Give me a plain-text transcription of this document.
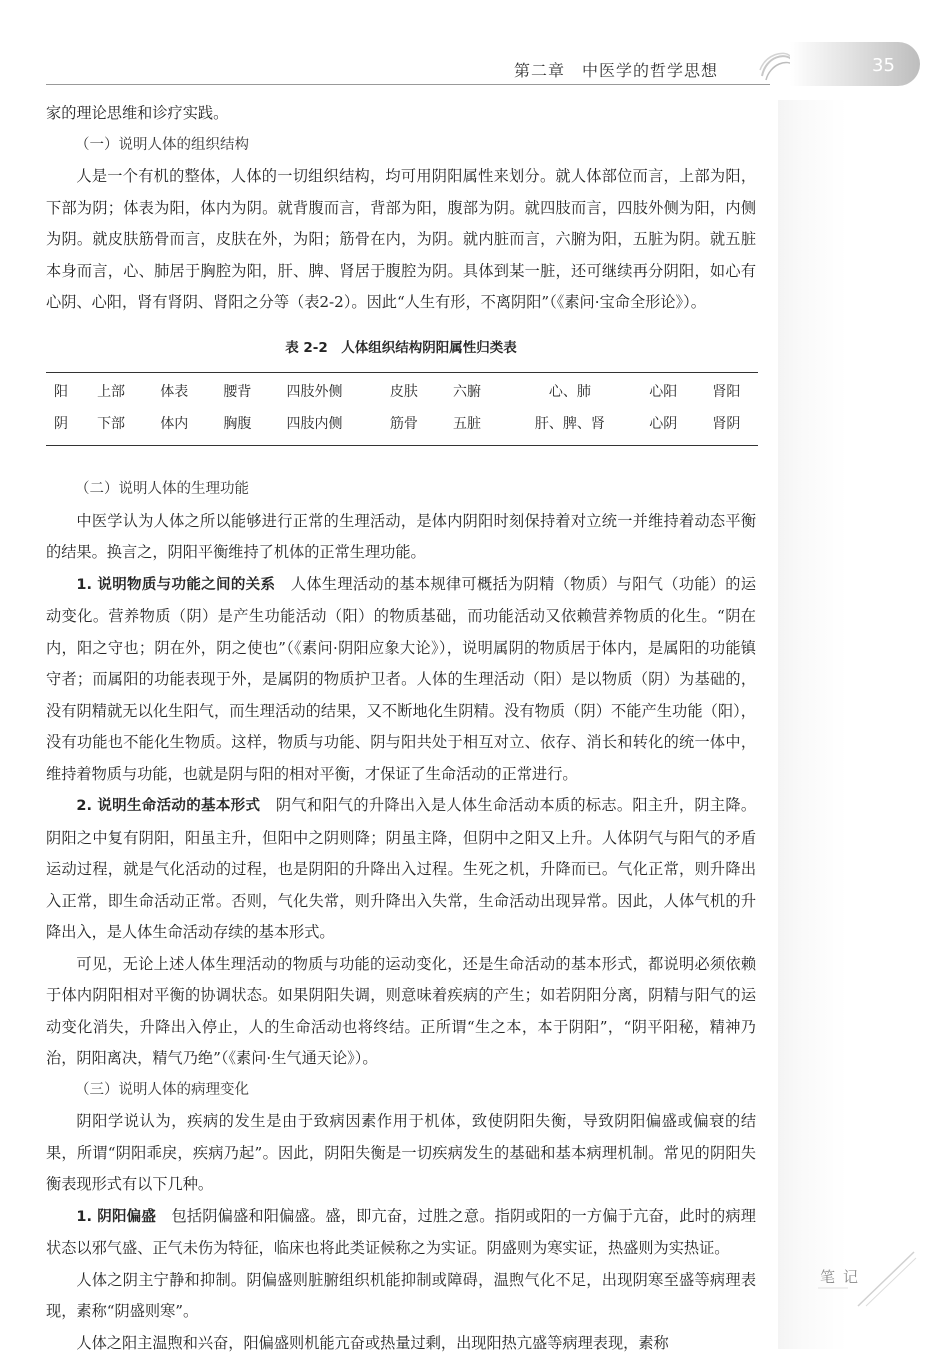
35
第二章　中医学的哲学思想

家的理论思维和诊疗实践。

（一）说明人体的组织结构

人是一个有机的整体，人体的一切组织结构，均可用阴阳属性来划分。就人体部位而言，上部为阳，下部为阴；体表为阳，体内为阴。就背腹而言，背部为阳，腹部为阴。就四肢而言，四肢外侧为阳，内侧为阴。就皮肤筋骨而言，皮肤在外，为阳；筋骨在内，为阴。就内脏而言，六腑为阳，五脏为阴。就五脏本身而言，心、肺居于胸腔为阳，肝、脾、肾居于腹腔为阴。具体到某一脏，还可继续再分阴阳，如心有心阴、心阳，肾有肾阴、肾阳之分等（表2-2）。因此“人生有形，不离阴阳”（《素问·宝命全形论》）。

表 2-2　人体组织结构阴阳属性归类表
阳	上部	体表	腰背	四肢外侧	皮肤	六腑	心、肺	心阳	肾阳
阴	下部	体内	胸腹	四肢内侧	筋骨	五脏	肝、脾、肾	心阴	肾阴

（二）说明人体的生理功能

中医学认为人体之所以能够进行正常的生理活动，是体内阴阳时刻保持着对立统一并维持着动态平衡的结果。换言之，阴阳平衡维持了机体的正常生理功能。

1. 说明物质与功能之间的关系　 人体生理活动的基本规律可概括为阴精（物质）与阳气（功能）的运动变化。营养物质（阴）是产生功能活动（阳）的物质基础，而功能活动又依赖营养物质的化生。“阴在内，阳之守也；阴在外，阴之使也”（《素问·阴阳应象大论》），说明属阴的物质居于体内，是属阳的功能镇守者；而属阳的功能表现于外，是属阴的物质护卫者。人体的生理活动（阳）是以物质（阴）为基础的，没有阴精就无以化生阳气，而生理活动的结果，又不断地化生阴精。没有物质（阴）不能产生功能（阳），没有功能也不能化生物质。这样，物质与功能、阴与阳共处于相互对立、依存、消长和转化的统一体中，维持着物质与功能，也就是阴与阳的相对平衡，才保证了生命活动的正常进行。

2. 说明生命活动的基本形式　 阴气和阳气的升降出入是人体生命活动本质的标志。阳主升，阴主降。阴阳之中复有阴阳，阳虽主升，但阳中之阴则降；阴虽主降，但阴中之阳又上升。人体阴气与阳气的矛盾运动过程，就是气化活动的过程，也是阴阳的升降出入过程。生死之机，升降而已。气化正常，则升降出入正常，即生命活动正常。否则，气化失常，则升降出入失常，生命活动出现异常。因此，人体气机的升降出入，是人体生命活动存续的基本形式。

可见，无论上述人体生理活动的物质与功能的运动变化，还是生命活动的基本形式，都说明必须依赖于体内阴阳相对平衡的协调状态。如果阴阳失调，则意味着疾病的产生；如若阴阳分离，阴精与阳气的运动变化消失，升降出入停止，人的生命活动也将终结。正所谓“生之本，本于阴阳”，“阴平阳秘，精神乃治，阴阳离决，精气乃绝”（《素问·生气通天论》）。

（三）说明人体的病理变化

阴阳学说认为，疾病的发生是由于致病因素作用于机体，致使阴阳失衡，导致阴阳偏盛或偏衰的结果，所谓“阴阳乖戾，疾病乃起”。因此，阴阳失衡是一切疾病发生的基础和基本病理机制。常见的阴阳失衡表现形式有以下几种。

1. 阴阳偏盛　 包括阴偏盛和阳偏盛。盛，即亢奋，过胜之意。指阴或阳的一方偏于亢奋，此时的病理状态以邪气盛、正气未伤为特征，临床也将此类证候称之为实证。阴盛则为寒实证，热盛则为实热证。

人体之阴主宁静和抑制。阴偏盛则脏腑组织机能抑制或障碍，温煦气化不足，出现阴寒至盛等病理表现，素称“阴盛则寒”。

人体之阳主温煦和兴奋，阳偏盛则机能亢奋或热量过剩，出现阳热亢盛等病理表现，素称

笔记
